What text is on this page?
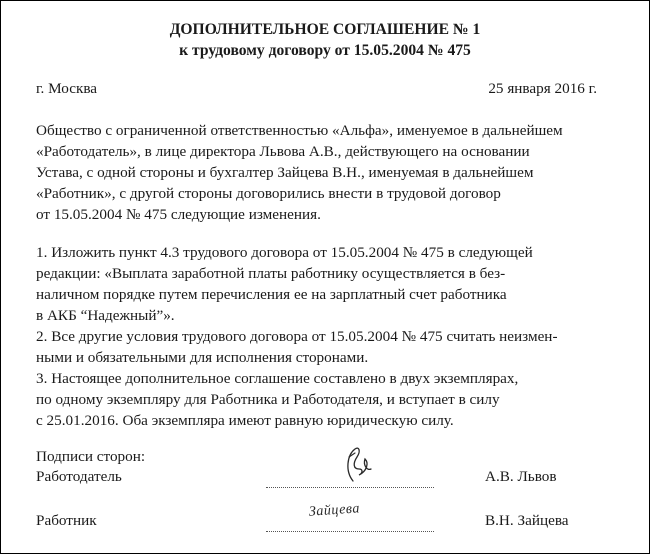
ДОПОЛНИТЕЛЬНОЕ СОГЛАШЕНИЕ № 1
к трудовому договору от 15.05.2004 № 475
г. Москва	25 января 2016 г.
Общество с ограниченной ответственностью «Альфа», именуемое в дальнейшем
«Работодатель», в лице директора Львова А.В., действующего на основании
Устава, с одной стороны и бухгалтер Зайцева В.Н., именуемая в дальнейшем
«Работник», с другой стороны договорились внести в трудовой договор
от 15.05.2004 № 475 следующие изменения.
1. Изложить пункт 4.3 трудового договора от 15.05.2004 № 475 в следующей
редакции: «Выплата заработной платы работнику осуществляется в без-
наличном порядке путем перечисления ее на зарплатный счет работника
в АКБ “Надежный”».
2. Все другие условия трудового договора от 15.05.2004 № 475 считать неизмен-
ными и обязательными для исполнения сторонами.
3. Настоящее дополнительное соглашение составлено в двух экземплярах,
по одному экземпляру для Работника и Работодателя, и вступает в силу
с 25.01.2016. Оба экземпляра имеют равную юридическую силу.
Подписи сторон:
Работодатель	А.В. Львов
Работник
Зайцева
В.Н. Зайцева
